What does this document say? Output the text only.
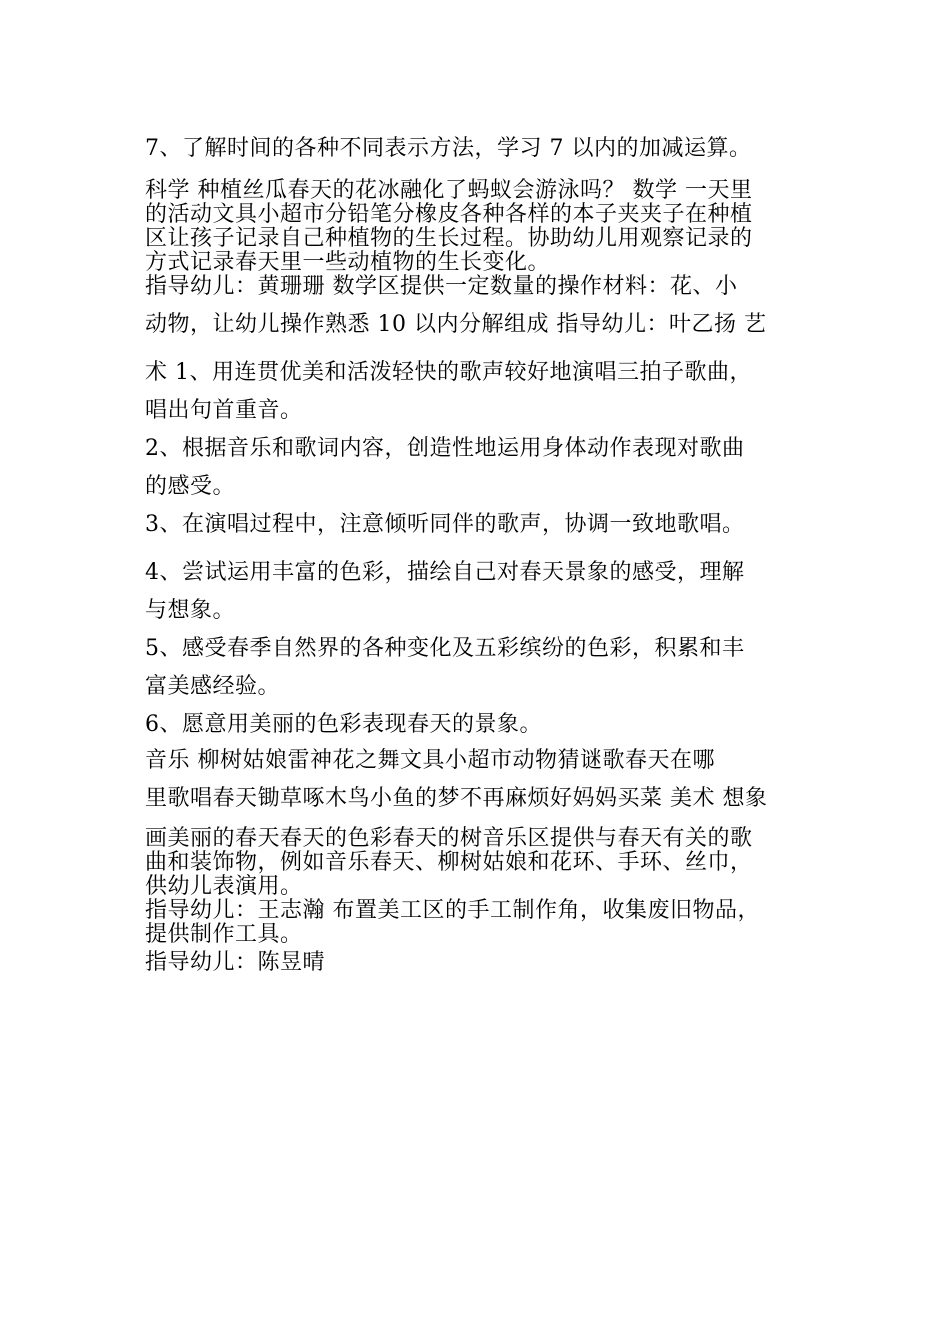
7、了解时间的各种不同表示方法，学习 7 以内的加减运算。
科学 种植丝瓜春天的花冰融化了蚂蚁会游泳吗？ 数学 一天里
的活动文具小超市分铅笔分橡皮各种各样的本子夹夹子在种植
区让孩子记录自己种植物的生长过程。协助幼儿用观察记录的
方式记录春天里一些动植物的生长变化。
指导幼儿：黄珊珊 数学区提供一定数量的操作材料：花、小
动物，让幼儿操作熟悉 10 以内分解组成 指导幼儿：叶乙扬 艺
术 1、用连贯优美和活泼轻快的歌声较好地演唱三拍子歌曲，
唱出句首重音。
2、根据音乐和歌词内容，创造性地运用身体动作表现对歌曲
的感受。
3、在演唱过程中，注意倾听同伴的歌声，协调一致地歌唱。
4、尝试运用丰富的色彩，描绘自己对春天景象的感受，理解
与想象。
5、感受春季自然界的各种变化及五彩缤纷的色彩，积累和丰
富美感经验。
6、愿意用美丽的色彩表现春天的景象。
音乐 柳树姑娘雷神花之舞文具小超市动物猜谜歌春天在哪
里歌唱春天锄草啄木鸟小鱼的梦不再麻烦好妈妈买菜 美术 想象
画美丽的春天春天的色彩春天的树音乐区提供与春天有关的歌
曲和装饰物，例如音乐春天、柳树姑娘和花环、手环、丝巾，
供幼儿表演用。
指导幼儿：王志瀚 布置美工区的手工制作角，收集废旧物品，
提供制作工具。
指导幼儿：陈昱晴
